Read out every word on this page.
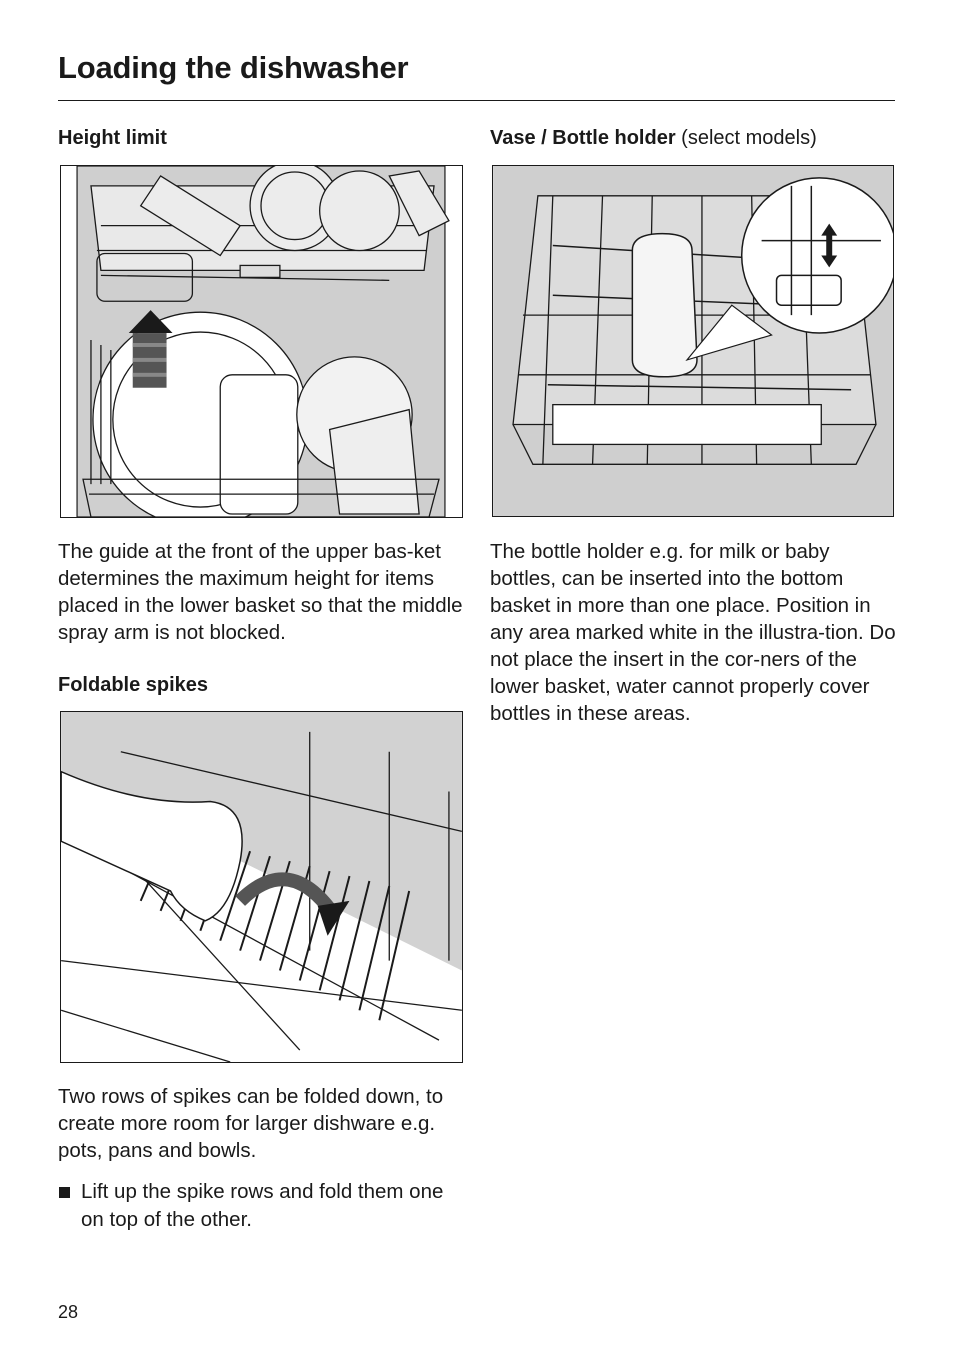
Loading the dishwasher
Height limit

The guide at the front of the upper bas-ket determines the maximum height for items placed in the lower basket so that the middle spray arm is not blocked.

Foldable spikes

Two rows of spikes can be folded down, to create more room for larger dishware e.g. pots, pans and bowls.

Lift up the spike rows and fold them one on top of the other.
Vase / Bottle holder (select models)

The bottle holder e.g. for milk or baby bottles, can be inserted into the bottom basket in more than one place. Position in any area marked white in the illustra-tion. Do not place the insert in the cor-ners of the lower basket, water cannot properly cover bottles in these areas.

28
